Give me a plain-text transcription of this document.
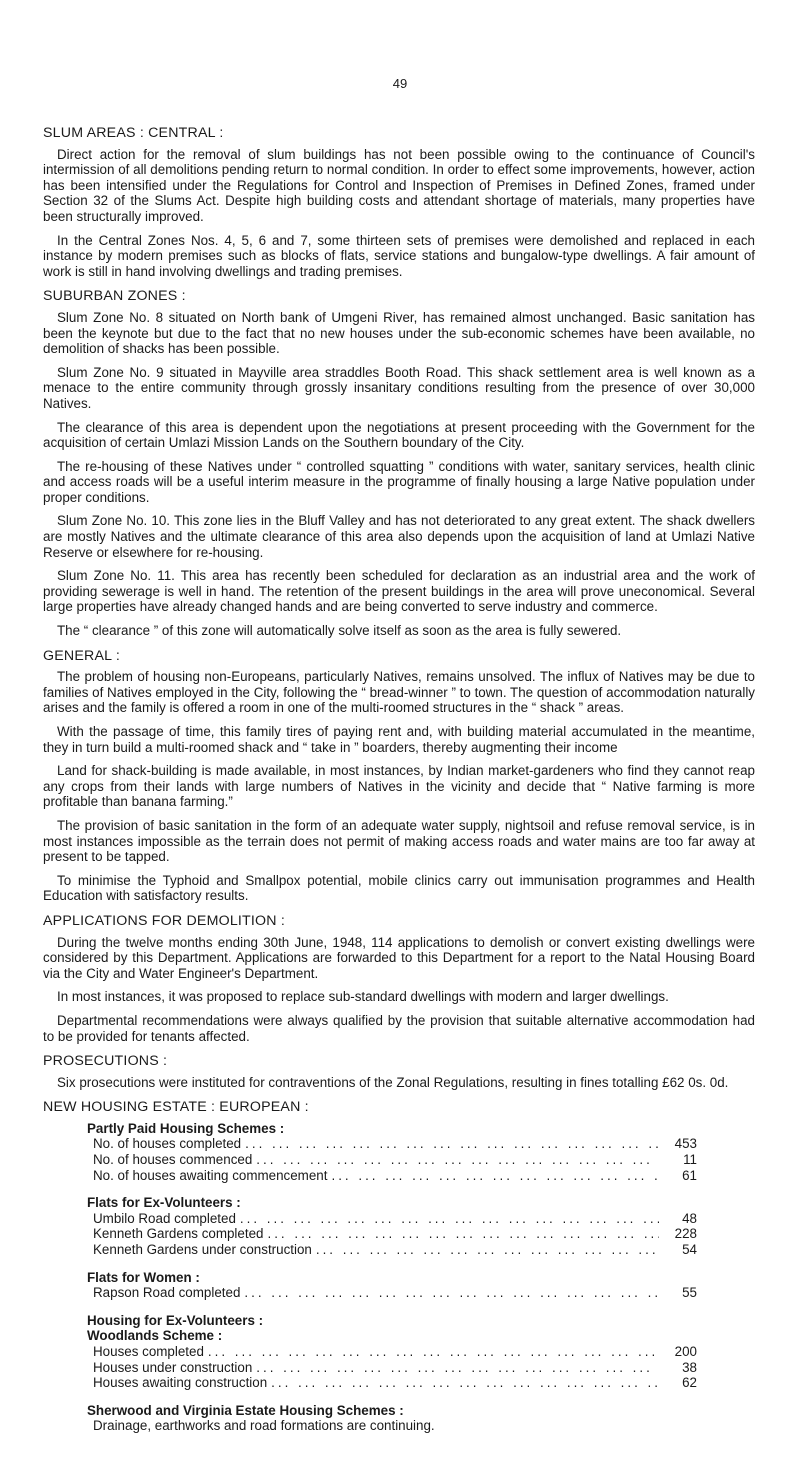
49
SLUM AREAS : CENTRAL :

Direct action for the removal of slum buildings has not been possible owing to the continuance of Council's intermission of all demolitions pending return to normal condition. In order to effect some improvements, however, action has been intensified under the Regulations for Control and Inspection of Premises in Defined Zones, framed under Section 32 of the Slums Act. Despite high building costs and attendant shortage of materials, many properties have been structurally improved.

In the Central Zones Nos. 4, 5, 6 and 7, some thirteen sets of premises were demolished and replaced in each instance by modern premises such as blocks of flats, service stations and bungalow-type dwellings. A fair amount of work is still in hand involving dwellings and trading premises.

SUBURBAN ZONES :

Slum Zone No. 8 situated on North bank of Umgeni River, has remained almost unchanged. Basic sanitation has been the keynote but due to the fact that no new houses under the sub-economic schemes have been available, no demolition of shacks has been possible.

Slum Zone No. 9 situated in Mayville area straddles Booth Road. This shack settlement area is well known as a menace to the entire community through grossly insanitary conditions resulting from the presence of over 30,000 Natives.

The clearance of this area is dependent upon the negotiations at present proceeding with the Government for the acquisition of certain Umlazi Mission Lands on the Southern boundary of the City.

The re-housing of these Natives under “ controlled squatting ” conditions with water, sanitary services, health clinic and access roads will be a useful interim measure in the programme of finally housing a large Native population under proper conditions.

Slum Zone No. 10. This zone lies in the Bluff Valley and has not deteriorated to any great extent. The shack dwellers are mostly Natives and the ultimate clearance of this area also depends upon the acquisition of land at Umlazi Native Reserve or elsewhere for re-housing.

Slum Zone No. 11. This area has recently been scheduled for declaration as an industrial area and the work of providing sewerage is well in hand. The retention of the present buildings in the area will prove uneconomical. Several large properties have already changed hands and are being converted to serve industry and commerce.

The “ clearance ” of this zone will automatically solve itself as soon as the area is fully sewered.

GENERAL :

The problem of housing non-Europeans, particularly Natives, remains unsolved. The influx of Natives may be due to families of Natives employed in the City, following the “ bread-winner ” to town. The question of accommodation naturally arises and the family is offered a room in one of the multi-roomed structures in the “ shack ” areas.

With the passage of time, this family tires of paying rent and, with building material accumulated in the meantime, they in turn build a multi-roomed shack and “ take in ” boarders, thereby augmenting their income

Land for shack-building is made available, in most instances, by Indian market-gardeners who find they cannot reap any crops from their lands with large numbers of Natives in the vicinity and decide that “ Native farming is more profitable than banana farming.”

The provision of basic sanitation in the form of an adequate water supply, nightsoil and refuse removal service, is in most instances impossible as the terrain does not permit of making access roads and water mains are too far away at present to be tapped.

To minimise the Typhoid and Smallpox potential, mobile clinics carry out immunisation programmes and Health Education with satisfactory results.

APPLICATIONS FOR DEMOLITION :

During the twelve months ending 30th June, 1948, 114 applications to demolish or convert existing dwellings were considered by this Department. Applications are forwarded to this Department for a report to the Natal Housing Board via the City and Water Engineer's Department.

In most instances, it was proposed to replace sub-standard dwellings with modern and larger dwellings.

Departmental recommendations were always qualified by the provision that suitable alternative accommodation had to be provided for tenants affected.

PROSECUTIONS :

Six prosecutions were instituted for contraventions of the Zonal Regulations, resulting in fines totalling £62 0s. 0d.

NEW HOUSING ESTATE : EUROPEAN :
Partly Paid Housing Schemes :
No. of houses completed ... .	453
No. of houses commenced ... .	11
No. of houses awaiting commencement ... .	61
Flats for Ex-Volunteers :
Umbilo Road completed ... .	48
Kenneth Gardens completed ... .	228
Kenneth Gardens under construction ... .	54
Flats for Women :
Rapson Road completed ... .	55
Housing for Ex-Volunteers :
Woodlands Scheme :
Houses completed ... .	200
Houses under construction ... .	38
Houses awaiting construction ... .	62
Sherwood and Virginia Estate Housing Schemes :
Drainage, earthworks and road formations are continuing.
